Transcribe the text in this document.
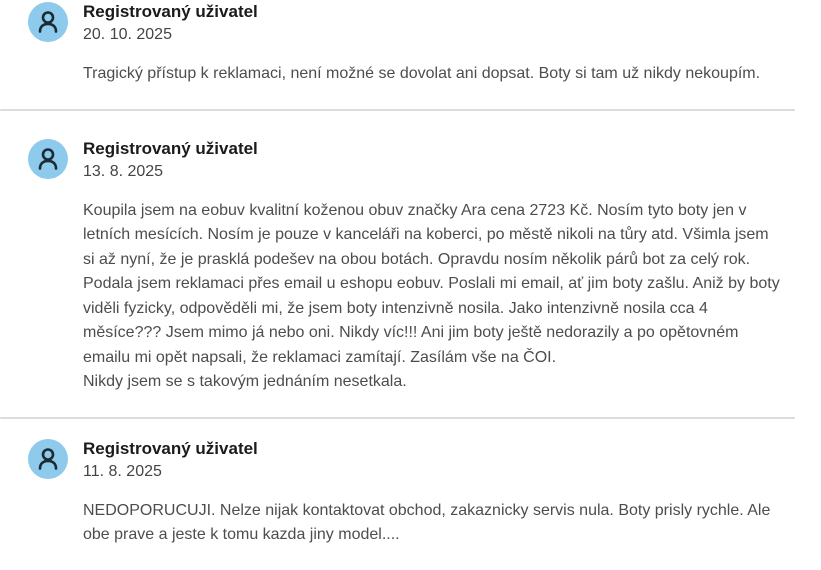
Registrovaný uživatel
20. 10. 2025

Tragický přístup k reklamaci, není možné se dovolat ani dopsat. Boty si tam už nikdy nekoupím.

Registrovaný uživatel
13. 8. 2025

Koupila jsem na eobuv kvalitní koženou obuv značky Ara cena 2723 Kč. Nosím tyto boty jen v letních mesících. Nosím je pouze v kanceláři na koberci, po městě nikoli na tůry atd. Všimla jsem si až nyní, že je prasklá podešev na obou botách. Opravdu nosím několik párů bot za celý rok.

Podala jsem reklamaci přes email u eshopu eobuv. Poslali mi email, ať jim boty zašlu. Aniž by boty viděli fyzicky, odpověděli mi, že jsem boty intenzivně nosila. Jako intenzivně nosila cca 4 měsíce??? Jsem mimo já nebo oni. Nikdy víc!!! Ani jim boty ještě nedorazily a po opětovném emailu mi opět napsali, že reklamaci zamítají. Zasílám vše na ČOI.

Nikdy jsem se s takovým jednáním nesetkala.

Registrovaný uživatel
11. 8. 2025

NEDOPORUCUJI. Nelze nijak kontaktovat obchod, zakaznicky servis nula. Boty prisly rychle. Ale obe prave a jeste k tomu kazda jiny model....
